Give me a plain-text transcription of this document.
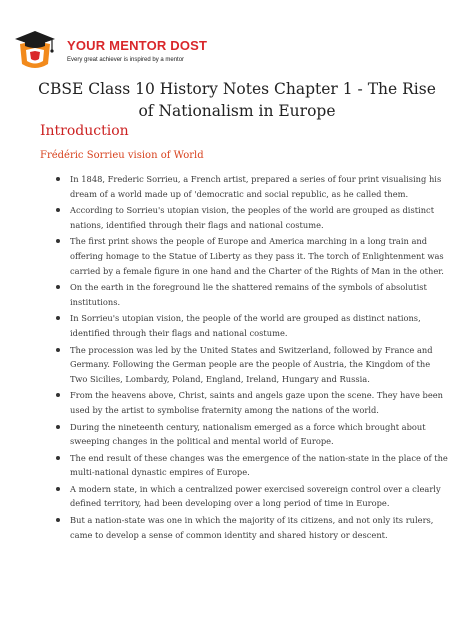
YOUR MENTOR DOST
Every great achiever is inspired by a mentor
CBSE Class 10 History Notes Chapter 1 - The Rise of Nationalism in Europe
Introduction
Frédéric Sorrieu vision of World
In 1848, Frederic Sorrieu, a French artist, prepared a series of four print visualising his dream of a world made up of 'democratic and social republic, as he called them.
According to Sorrieu's utopian vision, the peoples of the world are grouped as distinct nations, identified through their flags and national costume.
The first print shows the people of Europe and America marching in a long train and offering homage to the Statue of Liberty as they pass it. The torch of Enlightenment was carried by a female figure in one hand and the Charter of the Rights of Man in the other.
On the earth in the foreground lie the shattered remains of the symbols of absolutist institutions.
In Sorrieu's utopian vision, the people of the world are grouped as distinct nations, identified through their flags and national costume.
The procession was led by the United States and Switzerland, followed by France and Germany. Following the German people are the people of Austria, the Kingdom of the Two Sicilies, Lombardy, Poland, England, Ireland, Hungary and Russia.
From the heavens above, Christ, saints and angels gaze upon the scene. They have been used by the artist to symbolise fraternity among the nations of the world.
During the nineteenth century, nationalism emerged as a force which brought about sweeping changes in the political and mental world of Europe.
The end result of these changes was the emergence of the nation-state in the place of the multi-national dynastic empires of Europe.
A modern state, in which a centralized power exercised sovereign control over a clearly defined territory, had been developing over a long period of time in Europe.
But a nation-state was one in which the majority of its citizens, and not only its rulers, came to develop a sense of common identity and shared history or descent.
